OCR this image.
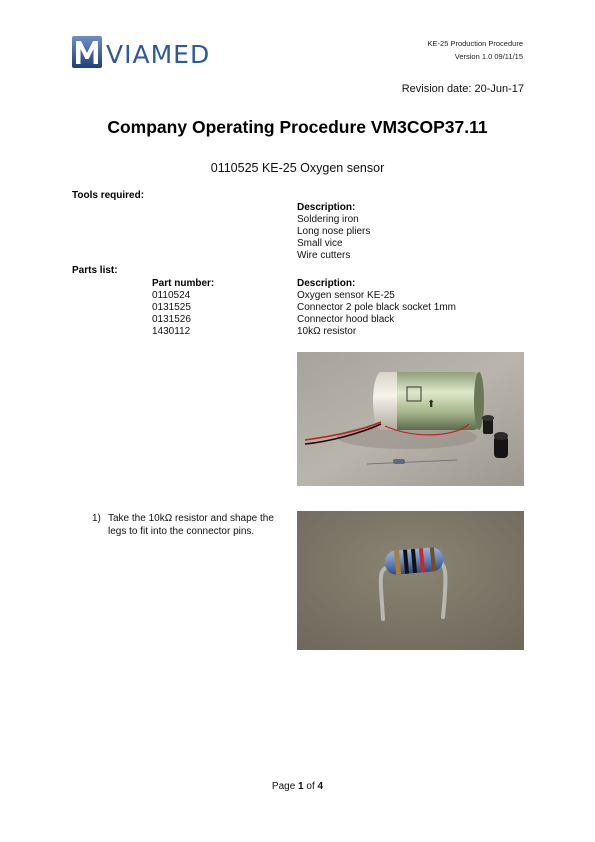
VIAMED	KE-25 Production Procedure
Version 1.0 09/11/15
Revision date: 20-Jun-17
Company Operating Procedure VM3COP37.11
0110525 KE-25 Oxygen sensor
Tools required:
Description:
Soldering iron
Long nose pliers
Small vice
Wire cutters
Parts list:
Part number:
0110524
0131525
0131526
1430112
Description:
Oxygen sensor KE-25
Connector 2 pole black socket 1mm
Connector hood black
10kΩ resistor
⬆
1) Take the 10kΩ resistor and shape the legs to fit into the connector pins.
Page 1 of 4
